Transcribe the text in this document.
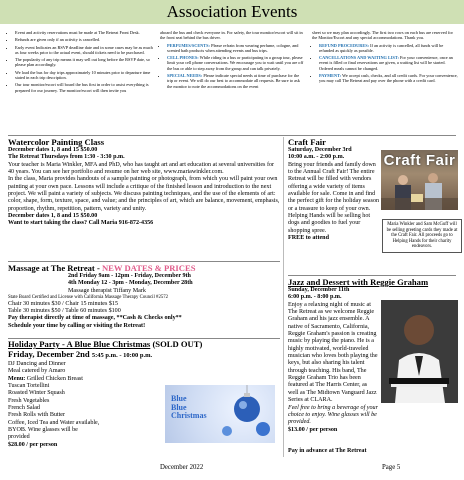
Association Events
• Event and activity reservations must be made at The Retreat Front Desk.
• Refunds are given only if an activity is cancelled.
• Early event Indicates an RSVP deadline date and in some cases may be as much as four weeks prior to the actual event, should tickets need to be purchased.
• The popularity of any trip means it may sell out long before the RSVP date, so please plan accordingly.
• We load the bus for day trips approximately 10 minutes prior to departure time stated in each trip description.
• Our tour monitor/escort will board the bus first in order to assist everything is prepared for our journey. The monitor/escort will then invite you
aboard the bus and check everyone in. For safety, the tour monitor/escort will sit in the front seat behind the bus driver.
• PERFUMES/SCENTS: Please refrain from wearing perfume, cologne, and scented bath products when attending events and bus trips.
• CELL PHONES: While riding in a bus or participating in a group tour, please limit your cell phone conversations. We encourage you to wait until you are off the bus or able to step away from the group and can talk privately.
• SPECIAL NEEDS: Please indicate special needs at time of purchase for the trip or event. We will do our best to accommodate all requests. Be sure to ask the monitor to note the accommodations on the event
sheet so we may plan accordingly. The first two rows on each bus are reserved for the Monitor/Escort and any special accommodations. Thank you.
• REFUND PROCEDURES: If an activity is cancelled, all funds will be refunded as quickly as possible.
• CANCELLATIONS AND WAITING LIST: For your convenience, once an event is filled or final reservations are given, a waiting list will be started. Ordered meals cannot be changed.
• PAYMENT: We accept cash, checks, and all credit cards. For your convenience, you may call The Retreat and pay over the phone with a credit card.

Watercolor Painting Class

December dates 1, 8 and 15 $50.00

The Retreat Thursdays from 1:30 - 3:30 p.m.

Your teacher is Maria Winkler, MFA and PhD, who has taught art and art education at several universities for 40 years. You can see her portfolio and resume on her web site, www.mariawinkler.com.

In the class, Maria provides handouts of a sample painting or photograph, from which you will paint your own painting at your own pace. Lessons will include a critique of the finished lesson and introduction to the next project. We will paint a variety of subjects. We discuss painting techniques, and the use of the elements of art: color, shape, form, texture, space, and value; and the principles of art, which are balance, movement, emphasis, proportion, rhythm, repetition, pattern, variety and unity.

December dates 1, 8 and 15 $50.00

Want to start taking the class? Call Maria 916-872-4356

Massage at The Retreat - NEW DATES & PRICES

2nd Friday 9am - 12pm - Friday, December 9th

4th Monday 12 - 3pm - Monday, December 28th

Massage therapist Tiffany Mark

State Board Certified and License with California Massage Therapy Council #2572

Chair 30 minutes $30 / Chair 15 minutes $15

Table 30 minutes $50 / Table 60 minutes $100

Pay therapist directly at time of massage, **Cash & Checks only**

Schedule your time by calling or visiting the Retreat!

Holiday Party - A Blue Blue Christmas (SOLD OUT)

Friday, December 2nd 5:45 p.m. - 10:00 p.m.

DJ Dancing and Dinner

Meal catered by Amaro

Menu: Grilled Chicken Breast

Tuscan Tortellini

Roasted Winter Squash

Fresh Vegetables

French Salad

Fresh Rolls with Butter

Coffee, Iced Tea and Water available,

BYOB. Wine glasses will be

provided

$28.00 / per person

Blue
Blue
Christmas

Craft Fair

Saturday, December 3rd

10:00 a.m. - 2:00 p.m.

Bring your friends and family down to the Annual Craft Fair! The entire Retreat will be filled with vendors offering a wide variety of items available for sale. Come in and find the perfect gift for the holiday season or a treasure to keep of your own. Helping Hands will be selling hot dogs and goodies to fuel your shopping spree.

FREE to attend

Craft Fair
Maria Winkler and Sam McGuff will be selling greeting cards they made at the Craft Fair. All proceeds go to Helping Hands for their charity endeavors.

Jazz and Dessert with Reggie Graham

Sunday, December 11th

6:00 p.m. - 8:00 p.m.

Enjoy a relaxing night of music at The Retreat as we welcome Reggie Graham and his jazz ensemble. A native of Sacramento, California, Reggie Graham's passion is creating music by playing the piano. He is a highly motivated, world-traveled musician who loves both playing the keys, but also sharing his talent through teaching. His band, The Reggie Graham Trio has been featured at The Harris Center, as well as The Midtown Vanguard Jazz Series at CLARA.

Feel free to bring a beverage of your choice to enjoy. Wine glasses will be provided.

$13.00 / per person

Pay in advance at The Retreat

December 2022	Page 5
